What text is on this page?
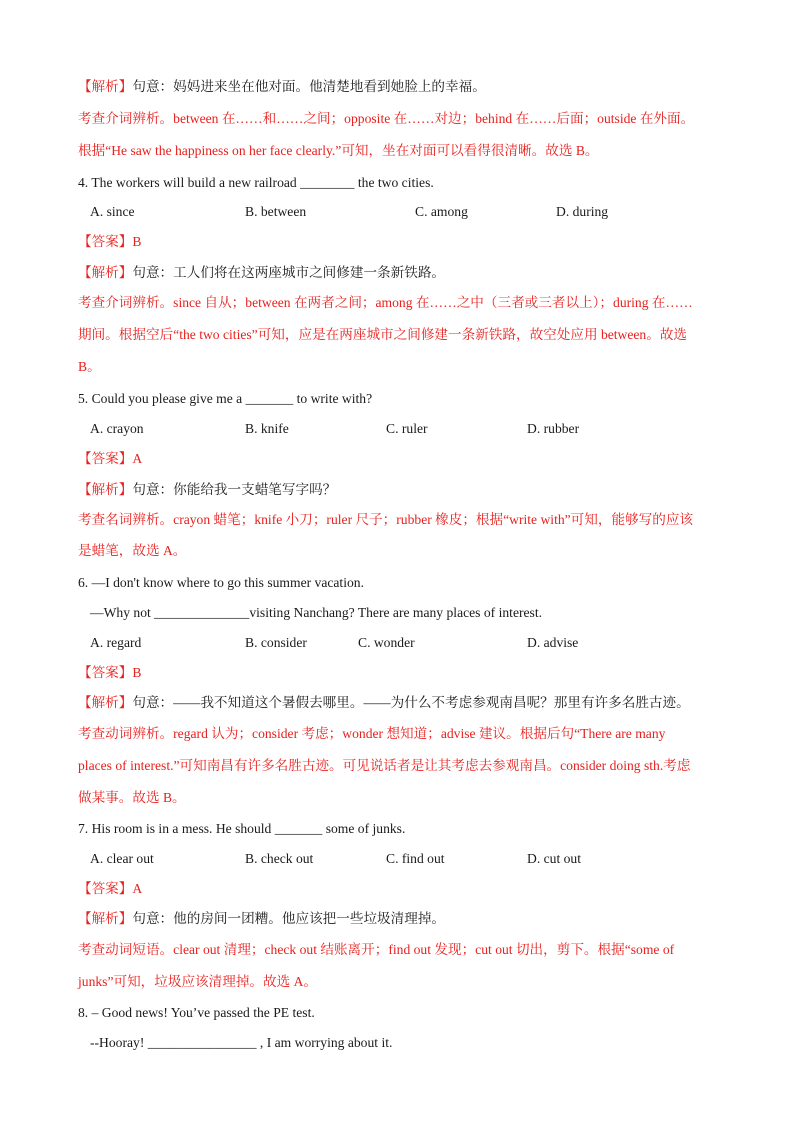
【解析】句意：妈妈进来坐在他对面。他清楚地看到她脸上的幸福。
考查介词辨析。between 在……和……之间；opposite 在……对边；behind 在……后面；outside 在外面。
根据“He saw the happiness on her face clearly.”可知，坐在对面可以看得很清晰。故选 B。
4. The workers will build a new railroad ________ the two cities.
A. since	B. between	C. among	D. during
【答案】B
【解析】句意：工人们将在这两座城市之间修建一条新铁路。
考查介词辨析。since 自从；between 在两者之间；among 在……之中（三者或三者以上）；during 在……
期间。根据空后“the two cities”可知，应是在两座城市之间修建一条新铁路，故空处应用 between。故选
B。
5. Could you please give me a _______ to write with?
A. crayon	B. knife	C. ruler	D. rubber
【答案】A
【解析】句意：你能给我一支蜡笔写字吗？
考查名词辨析。crayon 蜡笔；knife 小刀；ruler 尺子；rubber 橡皮；根据“write with”可知，能够写的应该
是蜡笔，故选 A。
6. —I don't know where to go this summer vacation.
—Why not ______________visiting Nanchang? There are many places of interest.
A. regard	B. consider	C. wonder	D. advise
【答案】B
【解析】句意：——我不知道这个暑假去哪里。——为什么不考虑参观南昌呢？那里有许多名胜古迹。
考查动词辨析。regard 认为；consider 考虑；wonder 想知道；advise 建议。根据后句“There are many
places of interest.”可知南昌有许多名胜古迹。可见说话者是让其考虑去参观南昌。consider doing sth.考虑
做某事。故选 B。
7. His room is in a mess. He should _______ some of junks.
A. clear out	B. check out	C. find out	D. cut out
【答案】A
【解析】句意：他的房间一团糟。他应该把一些垃圾清理掉。
考查动词短语。clear out 清理；check out 结账离开；find out 发现；cut out 切出，剪下。根据“some of
junks”可知，垃圾应该清理掉。故选 A。
8. – Good news! You’ve passed the PE test.
--Hooray! ________________ , I am worrying about it.
